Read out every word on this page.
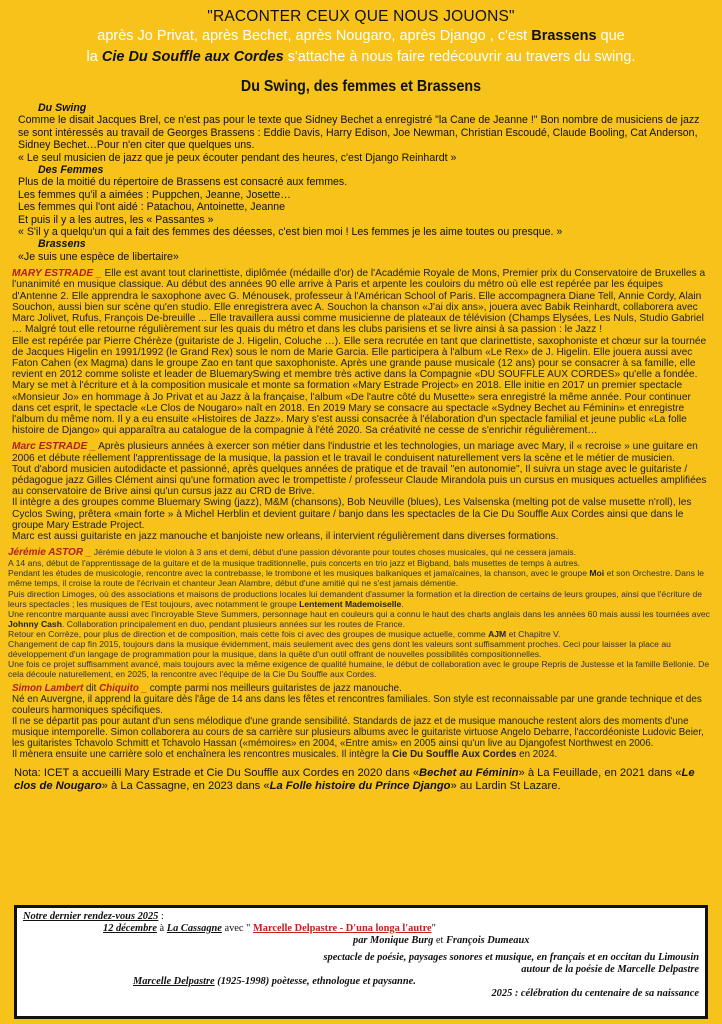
"RACONTER CEUX QUE NOUS JOUONS"
après Jo Privat, après Bechet, après Nougaro, après Django , c'est Brassens que
la Cie Du Souffle aux Cordes s'attache à nous faire redécouvrir au travers du swing.
Du Swing, des femmes et Brassens
Du Swing

Comme le disait Jacques Brel, ce n'est pas pour le texte que Sidney Bechet a enregistré "la Cane de Jeanne !" Bon nombre de musiciens de jazz se sont intéressés au travail de Georges Brassens : Eddie Davis, Harry Edison, Joe Newman, Christian Escoudé, Claude Booling, Cat Anderson, Sidney Bechet…Pour n'en citer que quelques uns.

« Le seul musicien de jazz que je peux écouter pendant des heures, c'est Django Reinhardt »

Des Femmes

Plus de la moitié du répertoire de Brassens est consacré aux femmes.

Les femmes qu'il a aimées : Puppchen, Jeanne, Josette…

Les femmes qui l'ont aidé : Patachou, Antoinette, Jeanne

Et puis il y a les autres, les « Passantes »

« S'il y a quelqu'un qui a fait des femmes des déesses, c'est bien moi ! Les femmes je les aime toutes ou presque. »

Brassens

«Je suis une espèce de libertaire»

MARY ESTRADE _ Elle est avant tout clarinettiste, diplômée (médaille d'or) de l'Académie Royale de Mons, Premier prix du Conservatoire de Bruxelles a l'unanimité en musique classique. Au début des années 90 elle arrive à Paris et arpente les couloirs du métro où elle est repérée par les équipes d'Antenne 2. Elle apprendra le saxophone avec G. Ménousek, professeur à l'Américan School of Paris. Elle accompagnera Diane Tell, Annie Cordy, Alain Souchon, aussi bien sur scène qu'en studio. Elle enregistrera avec A. Souchon la chanson «J'ai dix ans», jouera avec Babik Reinhardt, collaborera avec Marc Jolivet, Rufus, François De-breuille ... Elle travaillera aussi comme musicienne de plateaux de télévision (Champs Elysées, Les Nuls, Studio Gabriel … Malgré tout elle retourne régulièrement sur les quais du métro et dans les clubs parisiens et se livre ainsi à sa passion : le Jazz !

Elle est repérée par Pierre Chérèze (guitariste de J. Higelin, Coluche …). Elle sera recrutée en tant que clarinettiste, saxophoniste et chœur sur la tournée de Jacques Higelin en 1991/1992 (le Grand Rex) sous le nom de Marie Garcia. Elle participera à l'album «Le Rex» de J. Higelin. Elle jouera aussi avec Faton Cahen (ex Magma) dans le groupe Zao en tant que saxophoniste. Après une grande pause musicale (12 ans) pour se consacrer à sa famille, elle revient en 2012 comme soliste et leader de BluemarySwing et membre très active dans la Compagnie «DU SOUFFLE AUX CORDES» qu'elle a fondée. Mary se met à l'écriture et à la composition musicale et monte sa formation «Mary Estrade Project» en 2018. Elle initie en 2017 un premier spectacle «Monsieur Jo» en hommage à Jo Privat et au Jazz à la française, l'album «De l'autre côté du Musette» sera enregistré la même année. Pour continuer dans cet esprit, le spectacle «Le Clos de Nougaro» naît en 2018. En 2019 Mary se consacre au spectacle «Sydney Bechet au Féminin» et enregistre l'album du même nom. Il y a eu ensuite «Histoires de Jazz». Mary s'est aussi consacrée à l'élaboration d'un spectacle familial et jeune public «La folle histoire de Django» qui apparaîtra au catalogue de la compagnie à l'été 2020. Sa créativité ne cesse de s'enrichir régulièrement…

Marc ESTRADE _ Après plusieurs années à exercer son métier dans l'industrie et les technologies, un mariage avec Mary, il « recroise » une guitare en 2006 et débute réellement l'apprentissage de la musique, la passion et le travail le conduisent naturellement vers la scène et le métier de musicien.

Tout d'abord musicien autodidacte et passionné, après quelques années de pratique et de travail "en autonomie", Il suivra un stage avec le guitariste / pédagogue jazz Gilles Clément ainsi qu'une formation avec le trompettiste / professeur Claude Mirandola puis un cursus en musiques actuelles amplifiées au conservatoire de Brive ainsi qu'un cursus jazz au CRD de Brive.

Il intègre a des groupes comme Bluemary Swing (jazz), M&M (chansons), Bob Neuville (blues), Les Valsenska (melting pot de valse musette n'roll), les Cyclos Swing, prêtera «main forte » à Michel Herblin et devient guitare / banjo dans les spectacles de la Cie Du Souffle Aux Cordes ainsi que dans le groupe Mary Estrade Project.

Marc est aussi guitariste en jazz manouche et banjoiste new orleans, il intervient régulièrement dans diverses formations.

Jérémie ASTOR _ Jérémie débute le violon à 3 ans et demi, début d'une passion dévorante pour toutes choses musicales, qui ne cessera jamais.

A 14 ans, début de l'apprentissage de la guitare et de la musique traditionnelle, puis concerts en trio jazz et Bigband, bals musettes de temps à autres.

Pendant les études de musicologie, rencontre avec la contrebasse, le trombone et les musiques balkaniques et jamaïcaines, la chanson, avec le groupe Moi et son Orchestre. Dans le même temps, il croise la route de l'écrivain et chanteur Jean Alambre, début d'une amitié qui ne s'est jamais démentie.

Puis direction Limoges, où des associations et maisons de productions locales lui demandent d'assumer la formation et la direction de certains de leurs groupes, ainsi que l'écriture de leurs spectacles ; les musiques de l'Est toujours, avec notamment le groupe Lentement Mademoiselle.

Une rencontre marquante aussi avec l'incroyable Steve Summers, personnage haut en couleurs qui a connu le haut des charts anglais dans les années 60 mais aussi les tournées avec Johnny Cash. Collaboration principalement en duo, pendant plusieurs années sur les routes de France.

Retour en Corrèze, pour plus de direction et de composition, mais cette fois ci avec des groupes de musique actuelle, comme AJM et Chapitre V.

Changement de cap fin 2015, toujours dans la musique évidemment, mais seulement avec des gens dont les valeurs sont suffisamment proches. Ceci pour laisser la place au développement d'un langage de programmation pour la musique, dans la quête d'un outil offrant de nouvelles possibilités compositionnelles.

Une fois ce projet suffisamment avancé, mais toujours avec la même exigence de qualité humaine, le début de collaboration avec le groupe Repris de Justesse et la famille Bellonie. De cela découle naturellement, en 2025, la rencontre avec l'équipe de la Cie Du Souffle aux Cordes.

Simon Lambert dit Chiquito _ compte parmi nos meilleurs guitaristes de jazz manouche.

Né en Auvergne, il apprend la guitare dès l'âge de 14 ans dans les fêtes et rencontres familiales. Son style est reconnaissable par une grande technique et des couleurs harmoniques spécifiques.

Il ne se départit pas pour autant d'un sens mélodique d'une grande sensibilité. Standards de jazz et de musique manouche restent alors des moments d'une musique intemporelle. Simon collaborera au cours de sa carrière sur plusieurs albums avec le guitariste virtuose Angelo Debarre, l'accordéoniste Ludovic Beier, les guitaristes Tchavolo Schmitt et Tchavolo Hassan («mémoires» en 2004, «Entre amis» en 2005 ainsi qu'un live au Djangofest Northwest en 2006.

Il mènera ensuite une carrière solo et enchaînera les rencontres musicales. Il intègre la Cie Du Souffle Aux Cordes en 2024.

Nota: ICET a accueilli Mary Estrade et Cie Du Souffle aux Cordes en 2020 dans «Bechet au Féminin» à La Feuillade, en 2021 dans «Le clos de Nougaro» à La Cassagne, en 2023 dans «La Folle histoire du Prince Django» au Lardin St Lazare.
Notre dernier rendez-vous 2025 :
12 décembre à La Cassagne avec " Marcelle Delpastre - D'una longa l'autre"
par Monique Burg et François Dumeaux
spectacle de poésie, paysages sonores et musique, en français et en occitan du Limousin
autour de la poésie de Marcelle Delpastre
Marcelle Delpastre (1925-1998) poètesse, ethnologue et paysanne.
2025 : célébration du centenaire de sa naissance
